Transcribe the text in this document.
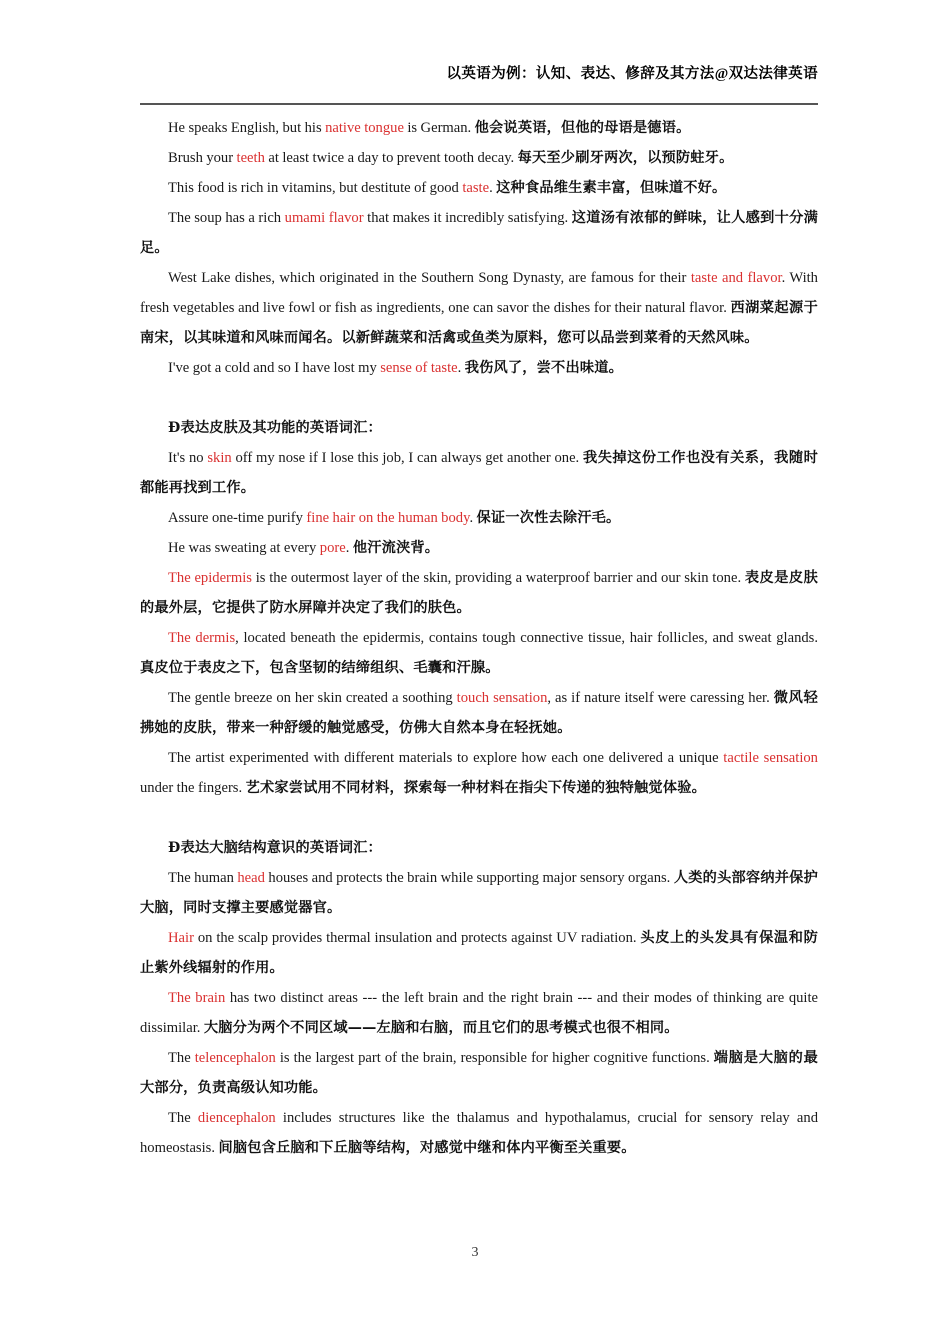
以英语为例：认知、表达、修辞及其方法@双达法律英语

He speaks English, but his native tongue is German. 他会说英语，但他的母语是德语。

Brush your teeth at least twice a day to prevent tooth decay. 每天至少刷牙两次，以预防蛀牙。

This food is rich in vitamins, but destitute of good taste. 这种食品维生素丰富，但味道不好。

The soup has a rich umami flavor that makes it incredibly satisfying. 这道汤有浓郁的鲜味，让人感到十分满足。

West Lake dishes, which originated in the Southern Song Dynasty, are famous for their taste and flavor. With fresh vegetables and live fowl or fish as ingredients, one can savor the dishes for their natural flavor. 西湖菜起源于南宋，以其味道和风味而闻名。以新鲜蔬菜和活禽或鱼类为原料，您可以品尝到菜肴的天然风味。

I've got a cold and so I have lost my sense of taste. 我伤风了，尝不出味道。

Ɖ表达皮肤及其功能的英语词汇：

It's no skin off my nose if I lose this job, I can always get another one. 我失掉这份工作也没有关系，我随时都能再找到工作。

Assure one-time purify fine hair on the human body. 保证一次性去除汗毛。

He was sweating at every pore. 他汗流浃背。

The epidermis is the outermost layer of the skin, providing a waterproof barrier and our skin tone. 表皮是皮肤的最外层，它提供了防水屏障并决定了我们的肤色。

The dermis, located beneath the epidermis, contains tough connective tissue, hair follicles, and sweat glands. 真皮位于表皮之下，包含坚韧的结缔组织、毛囊和汗腺。

The gentle breeze on her skin created a soothing touch sensation, as if nature itself were caressing her. 微风轻拂她的皮肤，带来一种舒缓的触觉感受，仿佛大自然本身在轻抚她。

The artist experimented with different materials to explore how each one delivered a unique tactile sensation under the fingers. 艺术家尝试用不同材料，探索每一种材料在指尖下传递的独特触觉体验。

Ɖ表达大脑结构意识的英语词汇：

The human head houses and protects the brain while supporting major sensory organs. 人类的头部容纳并保护大脑，同时支撑主要感觉器官。

Hair on the scalp provides thermal insulation and protects against UV radiation. 头皮上的头发具有保温和防止紫外线辐射的作用。

The brain has two distinct areas --- the left brain and the right brain --- and their modes of thinking are quite dissimilar. 大脑分为两个不同区域——左脑和右脑，而且它们的思考模式也很不相同。

The telencephalon is the largest part of the brain, responsible for higher cognitive functions. 端脑是大脑的最大部分，负责高级认知功能。

The diencephalon includes structures like the thalamus and hypothalamus, crucial for sensory relay and homeostasis. 间脑包含丘脑和下丘脑等结构，对感觉中继和体内平衡至关重要。

3
